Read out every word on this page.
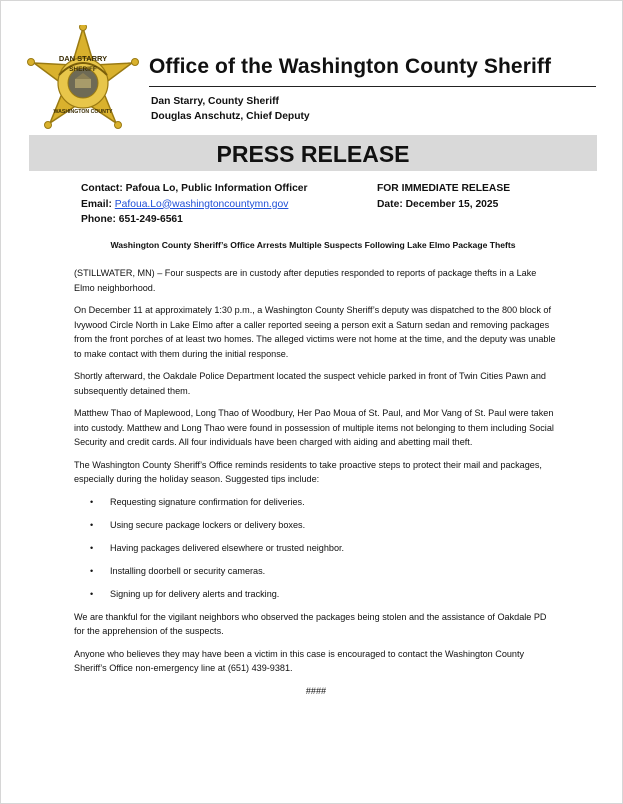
DAN STARRY
SHERIFF
WASHINGTON COUNTY
Office of the Washington County Sheriff
Dan Starry, County Sheriff
Douglas Anschutz, Chief Deputy
PRESS RELEASE
Contact: Pafoua Lo, Public Information Officer
Email: Pafoua.Lo@washingtoncountymn.gov
Phone: 651-249-6561
FOR IMMEDIATE RELEASE
Date: December 15, 2025
Washington County Sheriff’s Office Arrests Multiple Suspects Following Lake Elmo Package Thefts

(STILLWATER, MN) – Four suspects are in custody after deputies responded to reports of package thefts in a Lake Elmo neighborhood.

On December 11 at approximately 1:30 p.m., a Washington County Sheriff’s deputy was dispatched to the 800 block of Ivywood Circle North in Lake Elmo after a caller reported seeing a person exit a Saturn sedan and removing packages from the front porches of at least two homes. The alleged victims were not home at the time, and the deputy was unable to make contact with them during the initial response.

Shortly afterward, the Oakdale Police Department located the suspect vehicle parked in front of Twin Cities Pawn and subsequently detained them.

Matthew Thao of Maplewood, Long Thao of Woodbury, Her Pao Moua of St. Paul, and Mor Vang of St. Paul were taken into custody. Matthew and Long Thao were found in possession of multiple items not belonging to them including Social Security and credit cards. All four individuals have been charged with aiding and abetting mail theft.

The Washington County Sheriff’s Office reminds residents to take proactive steps to protect their mail and packages, especially during the holiday season. Suggested tips include:

• Requesting signature confirmation for deliveries.
• Using secure package lockers or delivery boxes.
• Having packages delivered elsewhere or trusted neighbor.
• Installing doorbell or security cameras.
• Signing up for delivery alerts and tracking.

We are thankful for the vigilant neighbors who observed the packages being stolen and the assistance of Oakdale PD for the apprehension of the suspects.

Anyone who believes they may have been a victim in this case is encouraged to contact the Washington County Sheriff’s Office non-emergency line at (651) 439-9381.

####
